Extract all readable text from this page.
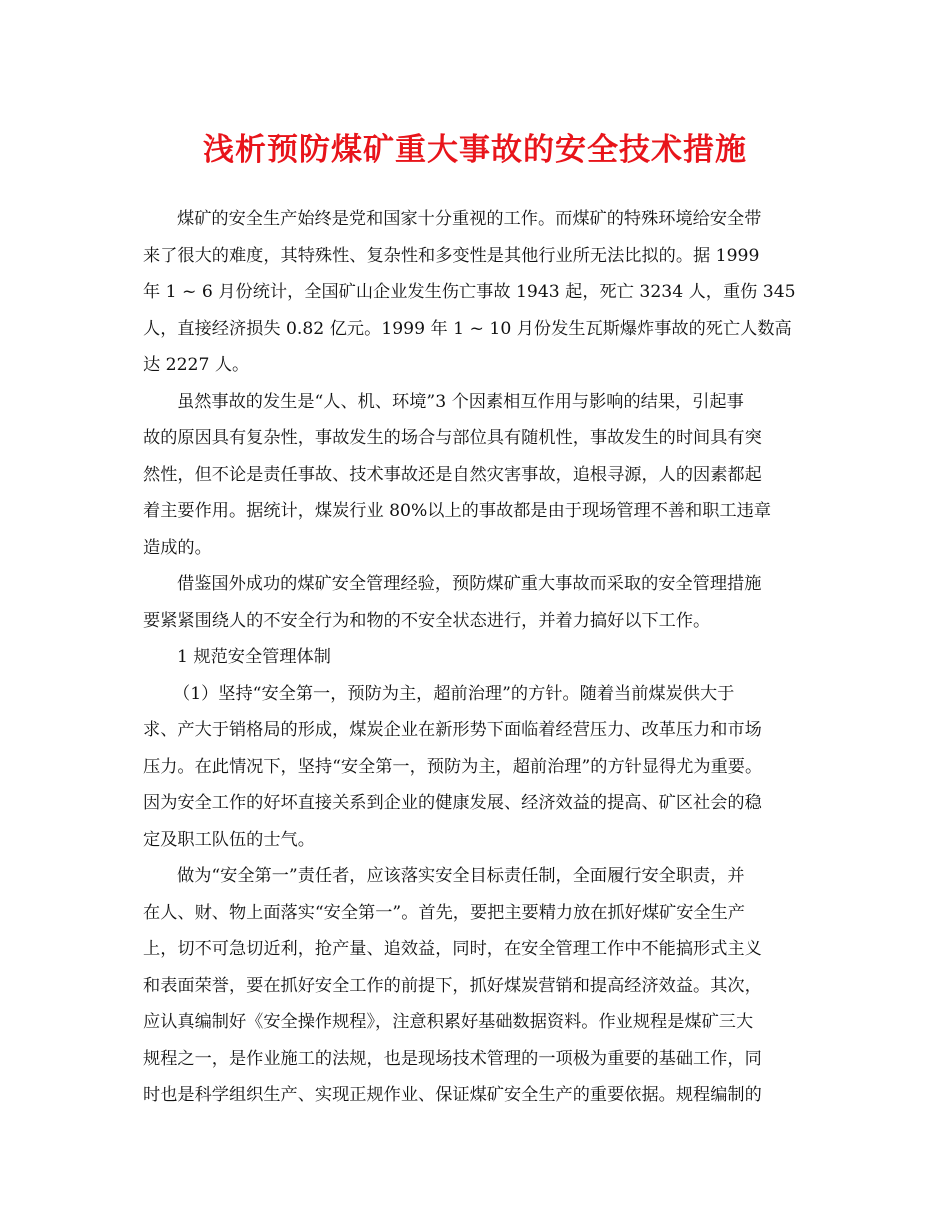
浅析预防煤矿重大事故的安全技术措施
煤矿的安全生产始终是党和国家十分重视的工作。而煤矿的特殊环境给安全带
来了很大的难度，其特殊性、复杂性和多变性是其他行业所无法比拟的。据 1999
年 1 ~ 6 月份统计，全国矿山企业发生伤亡事故 1943 起，死亡 3234 人，重伤 345
人，直接经济损失 0.82 亿元。1999 年 1 ~ 10 月份发生瓦斯爆炸事故的死亡人数高
达 2227 人。
虽然事故的发生是“人、机、环境”3 个因素相互作用与影响的结果，引起事
故的原因具有复杂性，事故发生的场合与部位具有随机性，事故发生的时间具有突
然性，但不论是责任事故、技术事故还是自然灾害事故，追根寻源，人的因素都起
着主要作用。据统计，煤炭行业 80%以上的事故都是由于现场管理不善和职工违章
造成的。
借鉴国外成功的煤矿安全管理经验，预防煤矿重大事故而采取的安全管理措施
要紧紧围绕人的不安全行为和物的不安全状态进行，并着力搞好以下工作。
1 规范安全管理体制
（1）坚持“安全第一，预防为主，超前治理”的方针。随着当前煤炭供大于
求、产大于销格局的形成，煤炭企业在新形势下面临着经营压力、改革压力和市场
压力。在此情况下，坚持“安全第一，预防为主，超前治理”的方针显得尤为重要。
因为安全工作的好坏直接关系到企业的健康发展、经济效益的提高、矿区社会的稳
定及职工队伍的士气。
做为“安全第一”责任者，应该落实安全目标责任制，全面履行安全职责，并
在人、财、物上面落实“安全第一”。首先，要把主要精力放在抓好煤矿安全生产
上，切不可急切近利，抢产量、追效益，同时，在安全管理工作中不能搞形式主义
和表面荣誉，要在抓好安全工作的前提下，抓好煤炭营销和提高经济效益。其次，
应认真编制好《安全操作规程》，注意积累好基础数据资料。作业规程是煤矿三大
规程之一，是作业施工的法规，也是现场技术管理的一项极为重要的基础工作，同
时也是科学组织生产、实现正规作业、保证煤矿安全生产的重要依据。规程编制的
